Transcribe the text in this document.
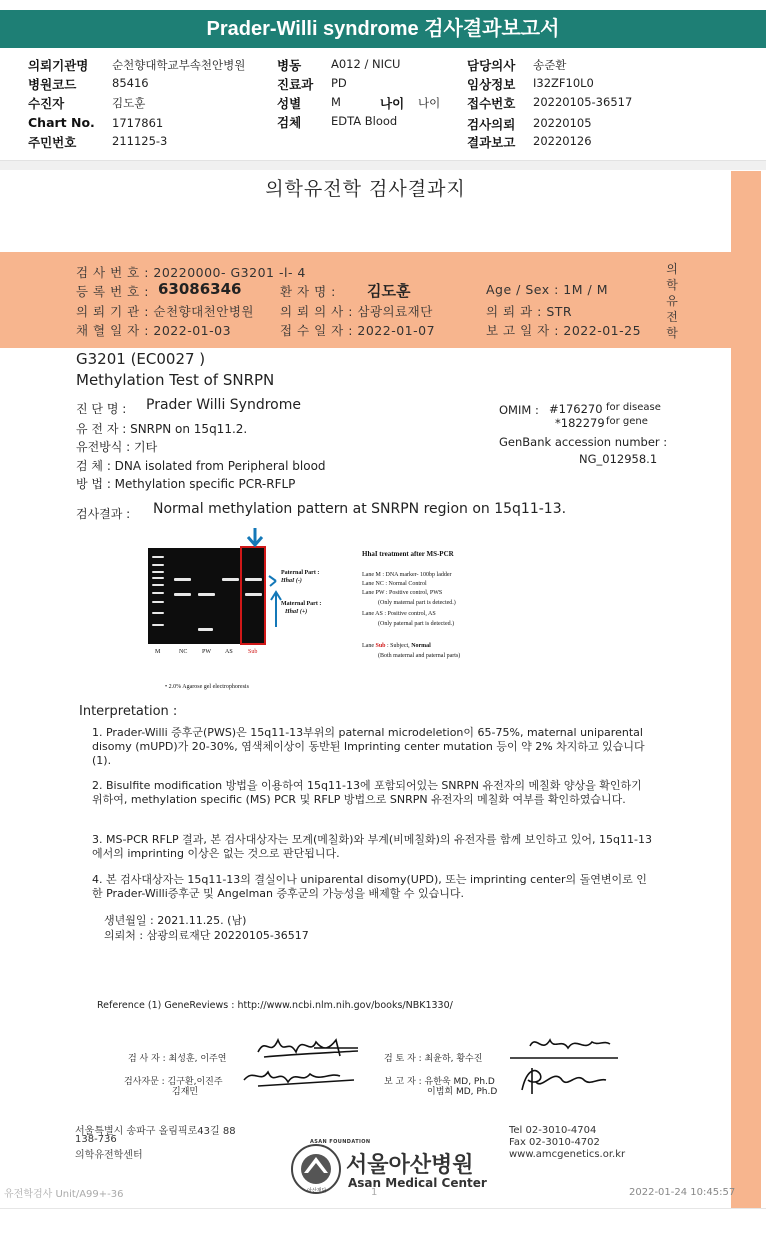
Prader-Willi syndrome 검사결과보고서
의뢰기관명 순천향대학교부속천안병원	병동	A012 / NICU	담당의사 송준환
병원코드	85416	진료과 PD	임상정보 I32ZF10L0
수진자	김도훈	성별	M	나이 나이 접수번호 20220105-36517
Chart No. 1717861	검체	EDTA Blood	검사의뢰 20220105
주민번호	211125-3	결과보고 20220126
의학유전학 검사결과지
검 사 번 호 : 20220000- G3201 -l- 4
등 록 번 호 : 63086346	환 자 명 : 김도훈	Age / Sex : 1M / M
의 뢰 기 관 : 순천향대천안병원 의 뢰 의 사 : 삼광의료재단	의 뢰 과 : STR
채 혈 일 자 : 2022-01-03	접 수 일 자 : 2022-01-07	보 고 일 자 : 2022-01-25
의
학
유
전
학
G3201 (EC0027 )
Methylation Test of SNRPN
진 단 명 : Prader Willi Syndrome
유 전 자 : SNRPN on 15q11.2.
유전방식 : 기타
검 체 : DNA isolated from Peripheral blood
방 법 : Methylation specific PCR-RFLP
OMIM : #176270 for disease
*182279 for gene
GenBank accession number :
NG_012958.1
검사결과 : Normal methylation pattern at SNRPN region on 15q11-13.
Paternal Part :
HhaI (-)
Maternal Part :
HhaI (+)
M	NC PW AS	Sub
• 2.0% Agarose gel electrophoresis
HhaI treatment after MS-PCR
Lane M : DNA marker- 100bp ladder
Lane NC : Normal Control
Lane PW : Positive control, PWS
(Only maternal part is detected.)
Lane AS : Positive control, AS
(Only paternal part is detected.)
Lane Sub : Subject, Normal
(Both maternal and paternal parts)
Interpretation :
1. Prader-Willi 증후군(PWS)은 15q11-13부위의 paternal microdeletion이 65-75%, maternal uniparental disomy (mUPD)가 20-30%, 염색체이상이 동반된 Imprinting center mutation 등이 약 2% 차지하고 있습니다 (1).
2. Bisulfite modification 방법을 이용하여 15q11-13에 포함되어있는 SNRPN 유전자의 메칠화 양상을 확인하기 위하여, methylation specific (MS) PCR 및 RFLP 방법으로 SNRPN 유전자의 메칠화 여부를 확인하였습니다.
3. MS-PCR RFLP 결과, 본 검사대상자는 모계(메칠화)와 부계(비메칠화)의 유전자를 함께 보인하고 있어, 15q11-13에서의 imprinting 이상은 없는 것으로 판단됩니다.
4. 본 검사대상자는 15q11-13의 결실이나 uniparental disomy(UPD), 또는 imprinting center의 돌연변이로 인한 Prader-Willi증후군 및 Angelman 증후군의 가능성을 배제할 수 있습니다.
생년월일 : 2021.11.25. (남)
의뢰처 : 삼광의료재단 20220105-36517
Reference (1) GeneReviews : http://www.ncbi.nlm.nih.gov/books/NBK1330/
검 사 자 : 최성훈, 이주연
검사자문 : 김구환,이진주
김재민
검 토 자 : 최윤하, 황수진
보 고 자 : 유한욱 MD, Ph.D
이범희 MD, Ph.D
서울특별시 송파구 올림픽로43길 88
138-736
의학유전학센터
Tel 02-3010-4704
Fax 02-3010-4702
www.amcgenetics.or.kr
ASAN FOUNDATION
아산재단
서울아산병원
Asan Medical Center
유전학검사 Unit/A99+-36	1	2022-01-24 10:45:57
